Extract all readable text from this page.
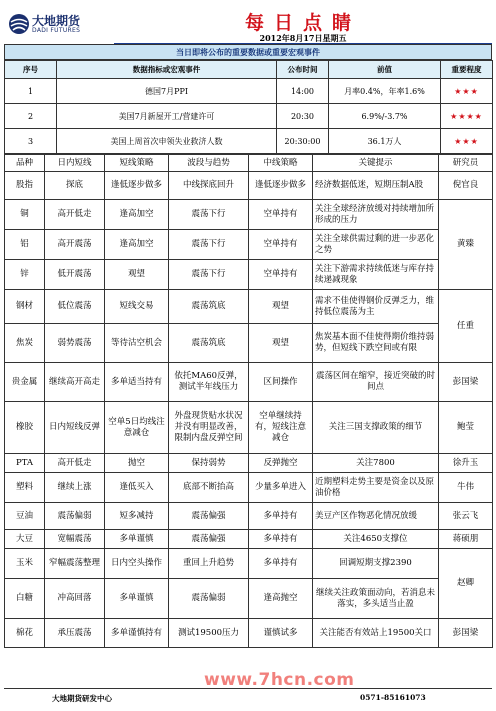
大地期货
DADI FUTURES	每日点睛
2012年8月17日星期五
当日即将公布的重要数据或重要宏观事件
序号	数据指标或宏观事件	公布时间	前值	重要程度
1	德国7月PPI	14:00	月率0.4%，年率1.6%	★★★
2	美国7月新屋开工/营建许可	20:30	6.9%/-3.7%	★★★★
3	美国上周首次申领失业救济人数	20:30:00	36.1万人	★★★
品种	日内短线	短线策略	波段与趋势	中线策略	关键提示	研究员
股指	探底	逢低逐步做多	中线探底回升	逢低逐步做多	经济数据低迷，短期压制A股	倪官良
铜	高开低走	逢高加空	震荡下行	空单持有	关注全球经济放缓对持续增加所形成的压力	黄臻
铝	高开震荡	逢高加空	震荡下行	空单持有	关注全球供需过剩的进一步恶化之势	
锌	低开震荡	观望	震荡下行	空单持有	关注下游需求持续低迷与库存持续递减现象	
钢材	低位震荡	短线交易	震荡筑底	观望	需求不佳使得钢价反弹乏力，维持低位震荡为主	任重
焦炭	弱势震荡	等待沽空机会	震荡筑底	观望	焦炭基本面不佳使得期价维持弱势，但短线下跌空间或有限	
贵金属	继续高开高走	多单适当持有	依托MA60反弹，测试半年线压力	区间操作	震荡区间在缩窄，接近突破的时间点	彭国梁
橡胶	日内短线反弹	空单5日均线注意减仓	外盘现货贴水状况并没有明显改善，限制内盘反弹空间	空单继续持有，短线注意减仓	关注三国支撑政策的细节	鲍莹
PTA	高开低走	抛空	保持弱势	反弹抛空	关注7800	徐升玉
塑料	继续上涨	逢低买入	底部不断抬高	少量多单进入	近期塑料走势主要是资金以及原油价格	牛伟
豆油	震荡偏弱	短多减持	震荡偏强	多单持有	美豆产区作物恶化情况放缓	张云飞
大豆	宽幅震荡	多单谨慎	震荡偏强	多单持有	关注4650支撑位	蒋硕朋
玉米	窄幅震荡整理	日内空头操作	重回上升趋势	多单持有	回调短期支撑2390	赵卿
白糖	冲高回落	多单谨慎	震荡偏弱	逢高抛空	继续关注政策面动向，若消息未落实，多头适当止盈	
棉花	承压震荡	多单谨慎持有	测试19500压力	谨慎试多	关注能否有效站上19500关口	彭国梁
www.7hcn.com
大地期货研发中心	0571-85161073
